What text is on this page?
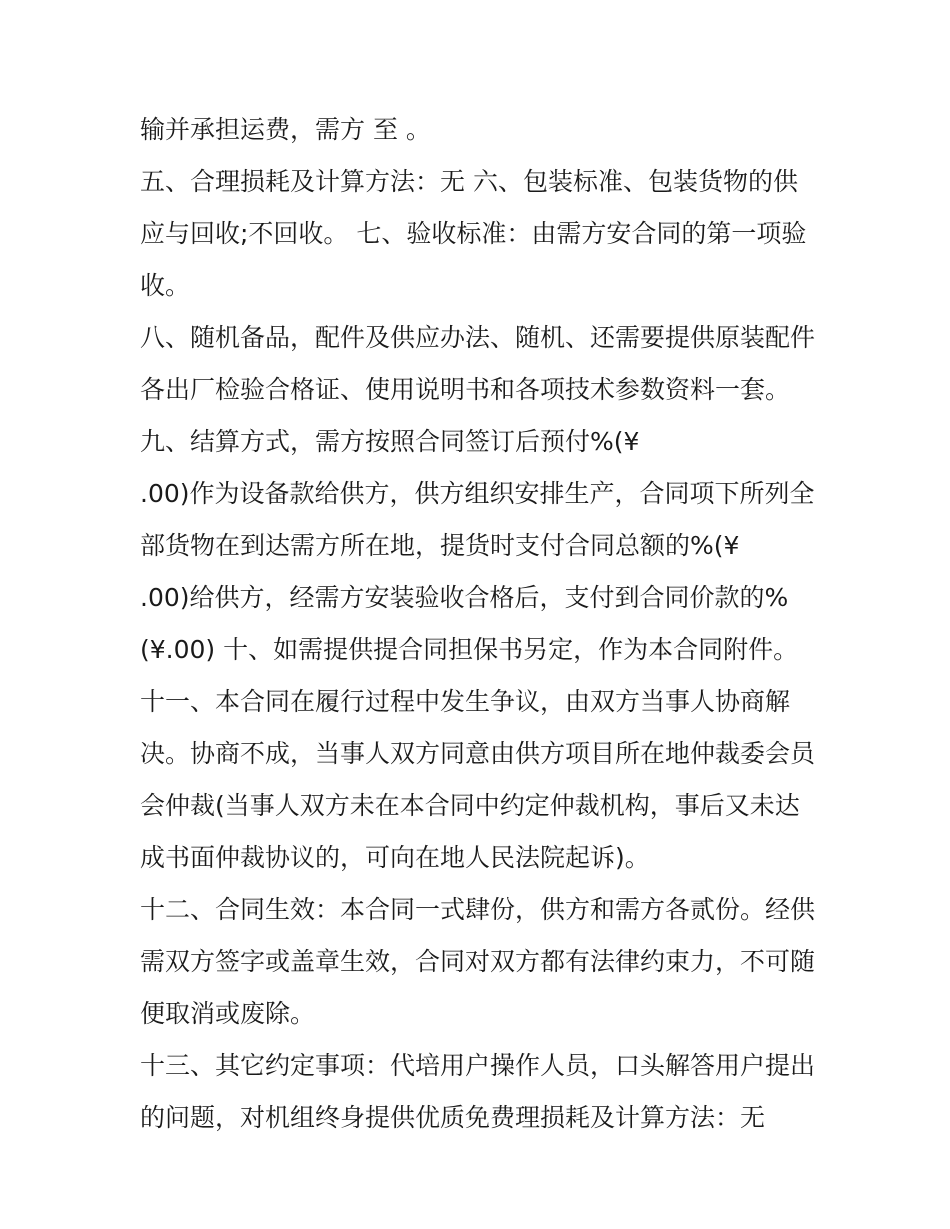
输并承担运费，需方 至 。
五、合理损耗及计算方法：无 六、包装标准、包装货物的供
应与回收;不回收。 七、验收标准：由需方安合同的第一项验
收。
八、随机备品，配件及供应办法、随机、还需要提供原装配件
各出厂检验合格证、使用说明书和各项技术参数资料一套。
九、结算方式，需方按照合同签订后预付%(¥
.00)作为设备款给供方，供方组织安排生产，合同项下所列全
部货物在到达需方所在地，提货时支付合同总额的%(¥
.00)给供方，经需方安装验收合格后，支付到合同价款的%
(¥.00) 十、如需提供提合同担保书另定，作为本合同附件。
十一、本合同在履行过程中发生争议，由双方当事人协商解
决。协商不成，当事人双方同意由供方项目所在地仲裁委会员
会仲裁(当事人双方未在本合同中约定仲裁机构，事后又未达
成书面仲裁协议的，可向在地人民法院起诉)。
十二、合同生效：本合同一式肆份，供方和需方各贰份。经供
需双方签字或盖章生效，合同对双方都有法律约束力，不可随
便取消或废除。
十三、其它约定事项：代培用户操作人员，口头解答用户提出
的问题，对机组终身提供优质免费理损耗及计算方法：无
